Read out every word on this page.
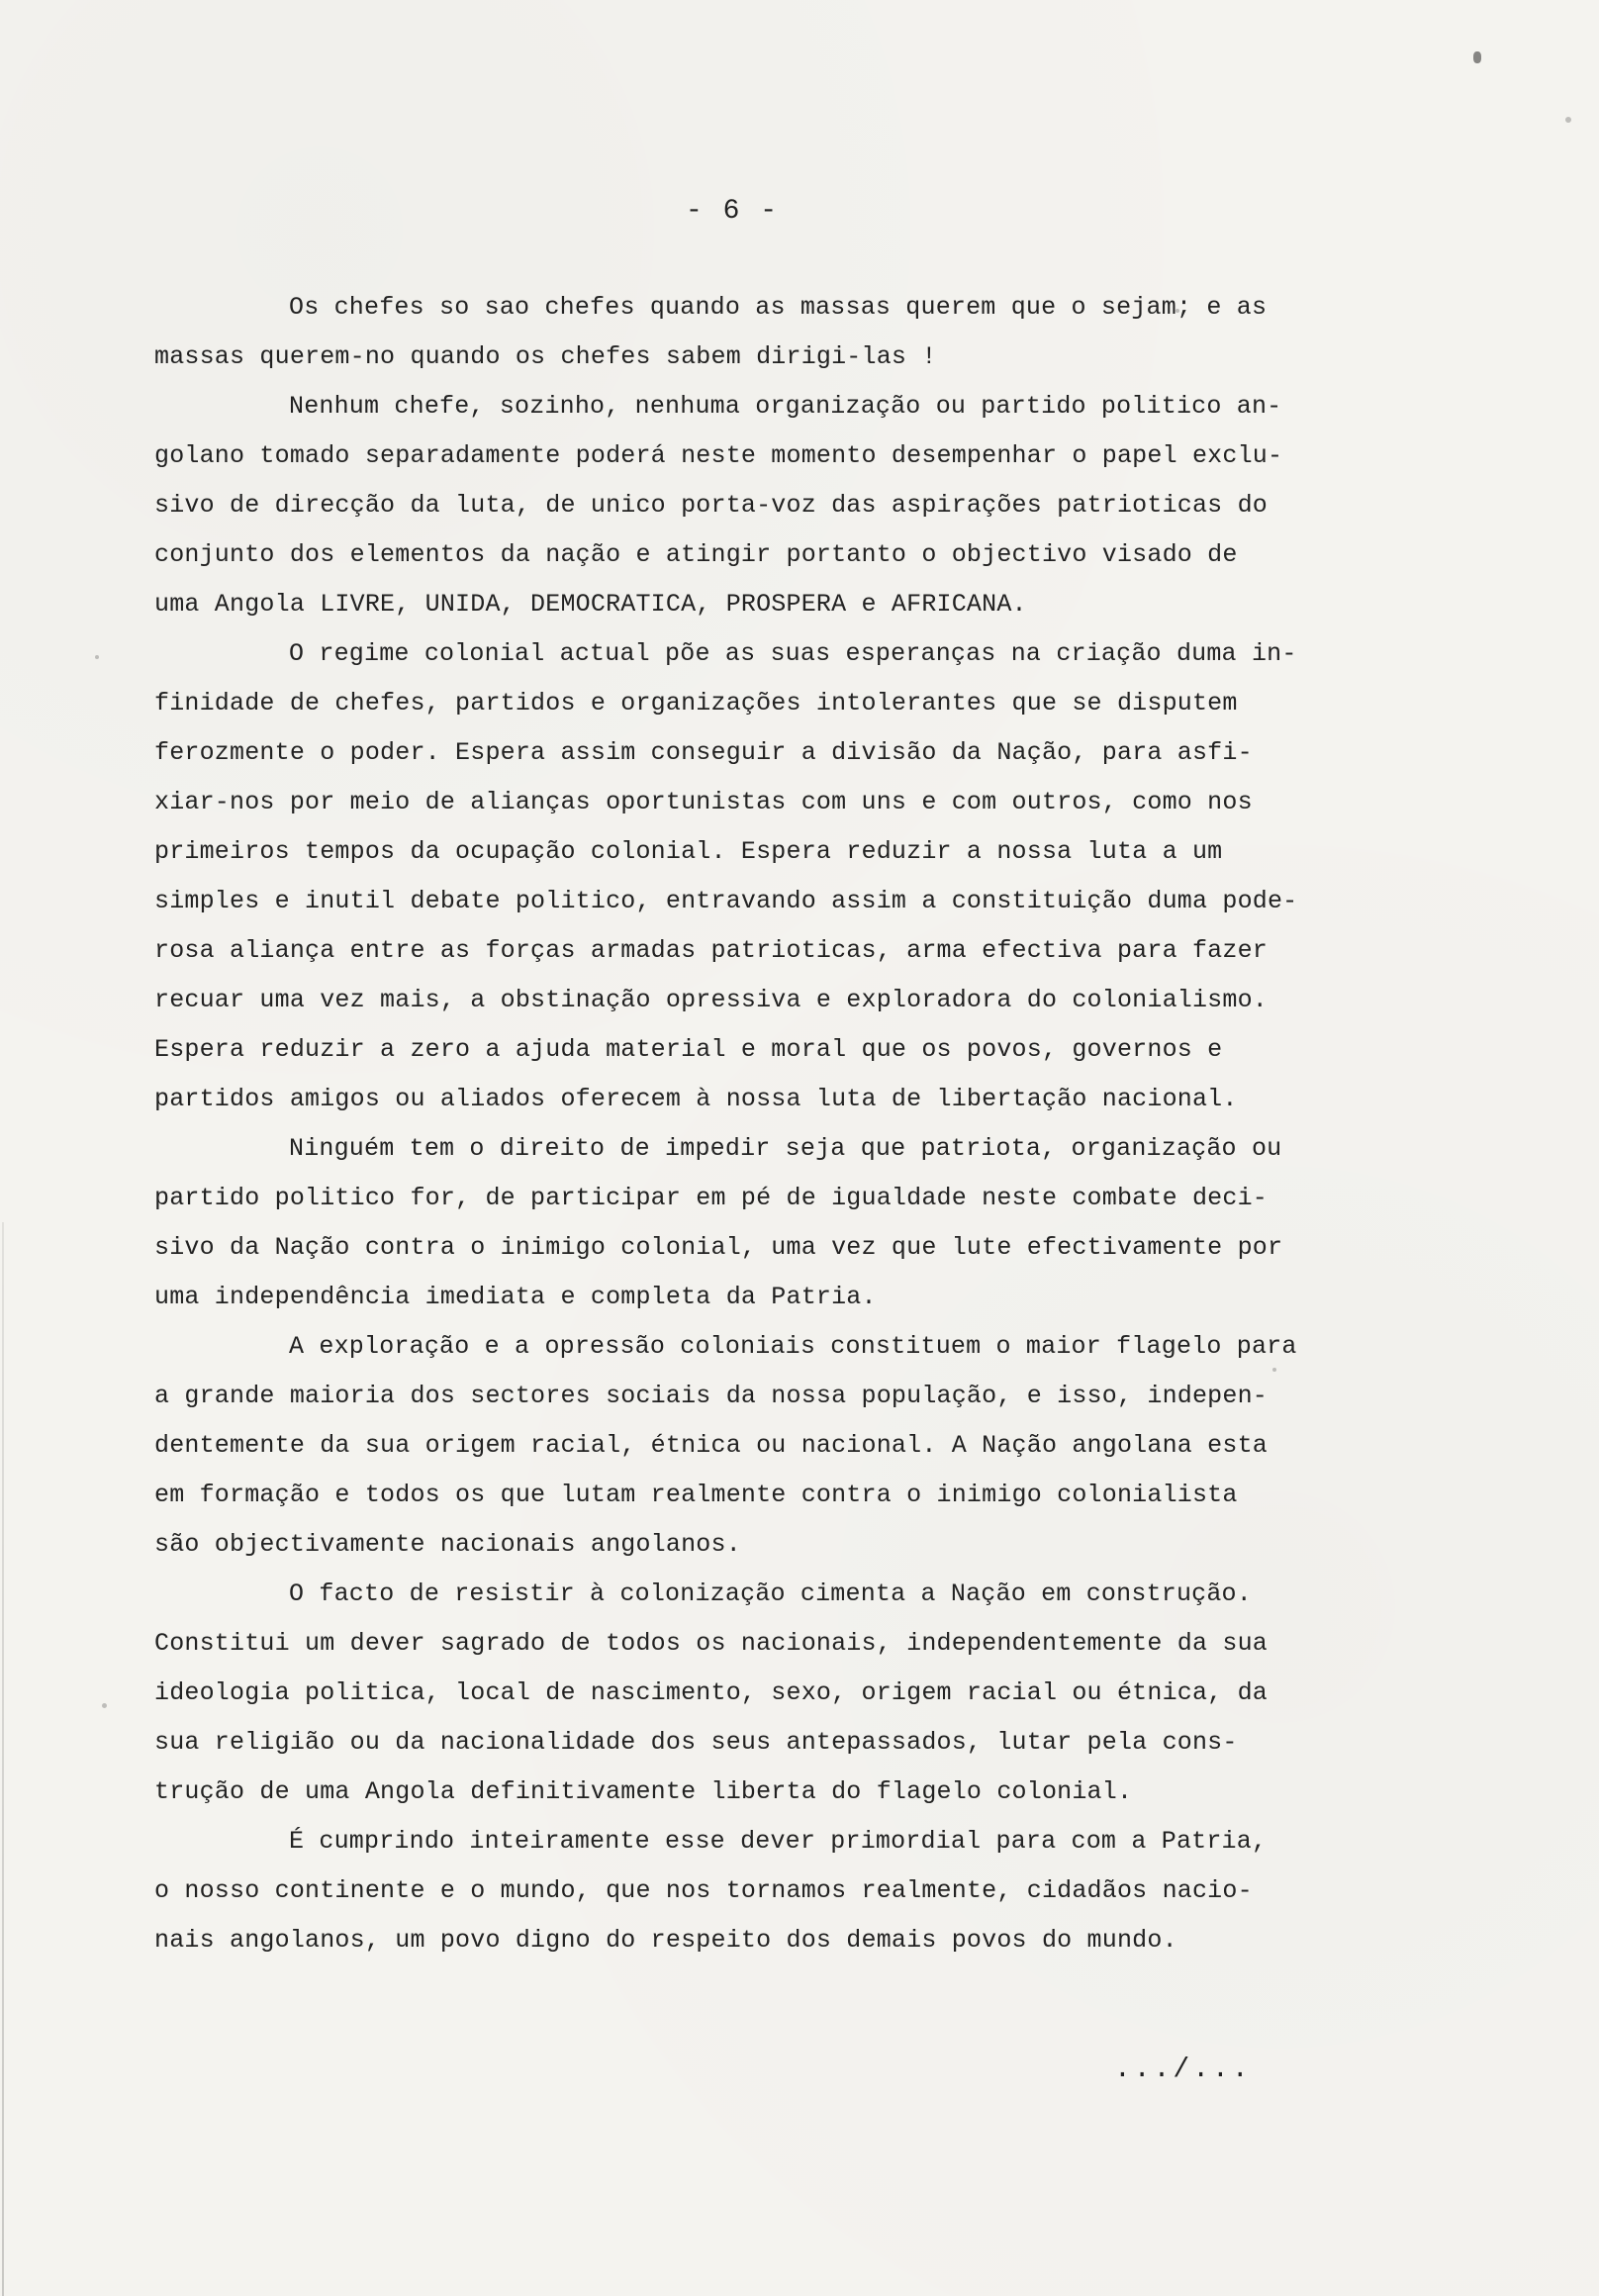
- 6 -

Os chefes so sao chefes quando as massas querem que o sejam; e as
massas querem-no quando os chefes sabem dirigi-las !

Nenhum chefe, sozinho, nenhuma organização ou partido politico an-
golano tomado separadamente poderá neste momento desempenhar o papel exclu-
sivo de direcção da luta, de unico porta-voz das aspirações patrioticas do
conjunto dos elementos da nação e atingir portanto o objectivo visado de
uma Angola LIVRE, UNIDA, DEMOCRATICA, PROSPERA e AFRICANA.

O regime colonial actual põe as suas esperanças na criação duma in-
finidade de chefes, partidos e organizações intolerantes que se disputem
ferozmente o poder. Espera assim conseguir a divisão da Nação, para asfi-
xiar-nos por meio de alianças oportunistas com uns e com outros, como nos
primeiros tempos da ocupação colonial. Espera reduzir a nossa luta a um
simples e inutil debate politico, entravando assim a constituição duma pode-
rosa aliança entre as forças armadas patrioticas, arma efectiva para fazer
recuar uma vez mais, a obstinação opressiva e exploradora do colonialismo.
Espera reduzir a zero a ajuda material e moral que os povos, governos e
partidos amigos ou aliados oferecem à nossa luta de libertação nacional.

Ninguém tem o direito de impedir seja que patriota, organização ou
partido politico for, de participar em pé de igualdade neste combate deci-
sivo da Nação contra o inimigo colonial, uma vez que lute efectivamente por
uma independência imediata e completa da Patria.

A exploração e a opressão coloniais constituem o maior flagelo para
a grande maioria dos sectores sociais da nossa população, e isso, indepen-
dentemente da sua origem racial, étnica ou nacional. A Nação angolana esta
em formação e todos os que lutam realmente contra o inimigo colonialista
são objectivamente nacionais angolanos.

O facto de resistir à colonização cimenta a Nação em construção.
Constitui um dever sagrado de todos os nacionais, independentemente da sua
ideologia politica, local de nascimento, sexo, origem racial ou étnica, da
sua religião ou da nacionalidade dos seus antepassados, lutar pela cons-
trução de uma Angola definitivamente liberta do flagelo colonial.

É cumprindo inteiramente esse dever primordial para com a Patria,
o nosso continente e o mundo, que nos tornamos realmente, cidadãos nacio-
nais angolanos, um povo digno do respeito dos demais povos do mundo.

.../...
